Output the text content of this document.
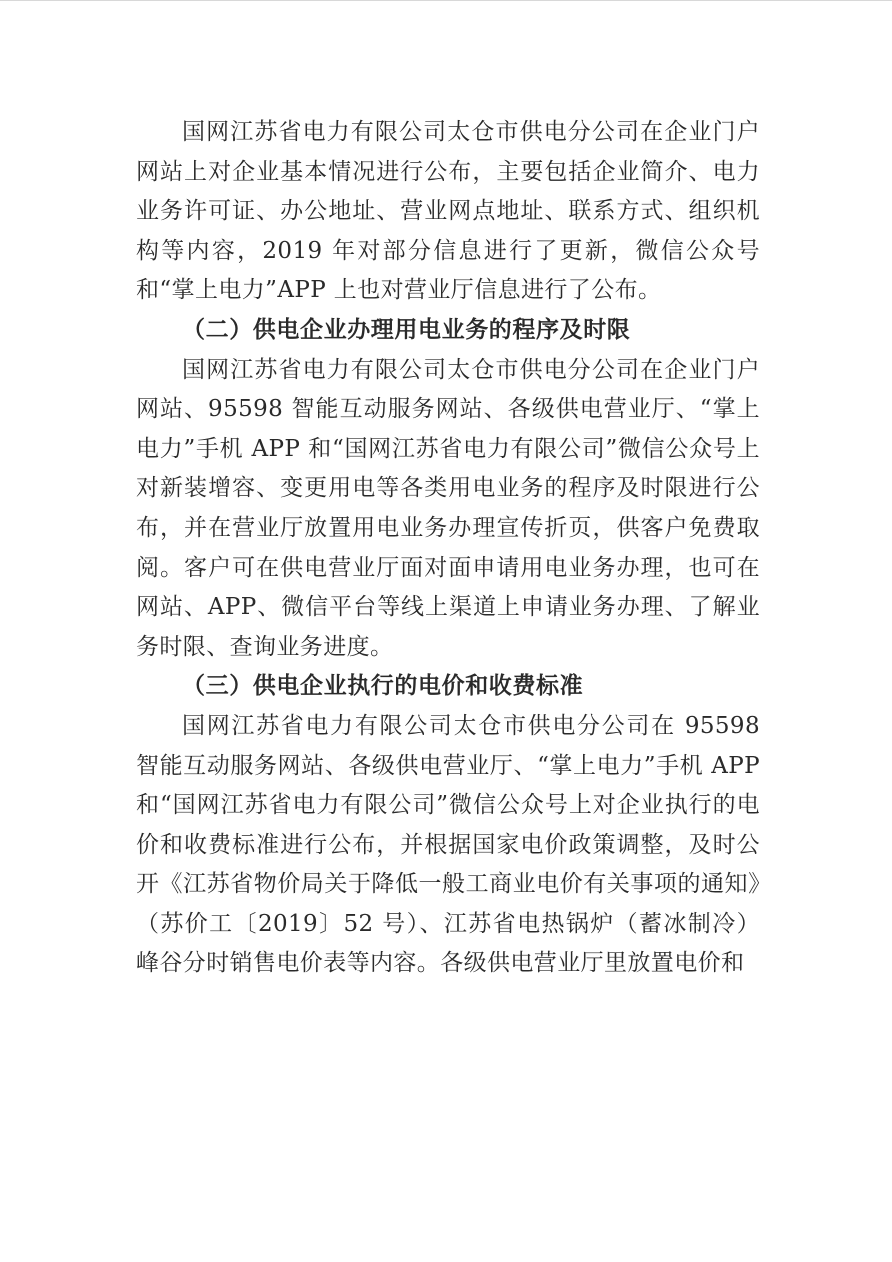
国网江苏省电力有限公司太仓市供电分公司在企业门户网站上对企业基本情况进行公布，主要包括企业简介、电力业务许可证、办公地址、营业网点地址、联系方式、组织机构等内容，2019 年对部分信息进行了更新，微信公众号和“掌上电力”APP 上也对营业厅信息进行了公布。

（二）供电企业办理用电业务的程序及时限

国网江苏省电力有限公司太仓市供电分公司在企业门户网站、95598 智能互动服务网站、各级供电营业厅、“掌上电力”手机 APP 和“国网江苏省电力有限公司”微信公众号上对新装增容、变更用电等各类用电业务的程序及时限进行公布，并在营业厅放置用电业务办理宣传折页，供客户免费取阅。客户可在供电营业厅面对面申请用电业务办理，也可在网站、APP、微信平台等线上渠道上申请业务办理、了解业务时限、查询业务进度。

（三）供电企业执行的电价和收费标准

国网江苏省电力有限公司太仓市供电分公司在 95598 智能互动服务网站、各级供电营业厅、“掌上电力”手机 APP 和“国网江苏省电力有限公司”微信公众号上对企业执行的电价和收费标准进行公布，并根据国家电价政策调整，及时公开《江苏省物价局关于降低一般工商业电价有关事项的通知》（苏价工〔2019〕52 号）、江苏省电热锅炉（蓄冰制冷）峰谷分时销售电价表等内容。各级供电营业厅里放置电价和
